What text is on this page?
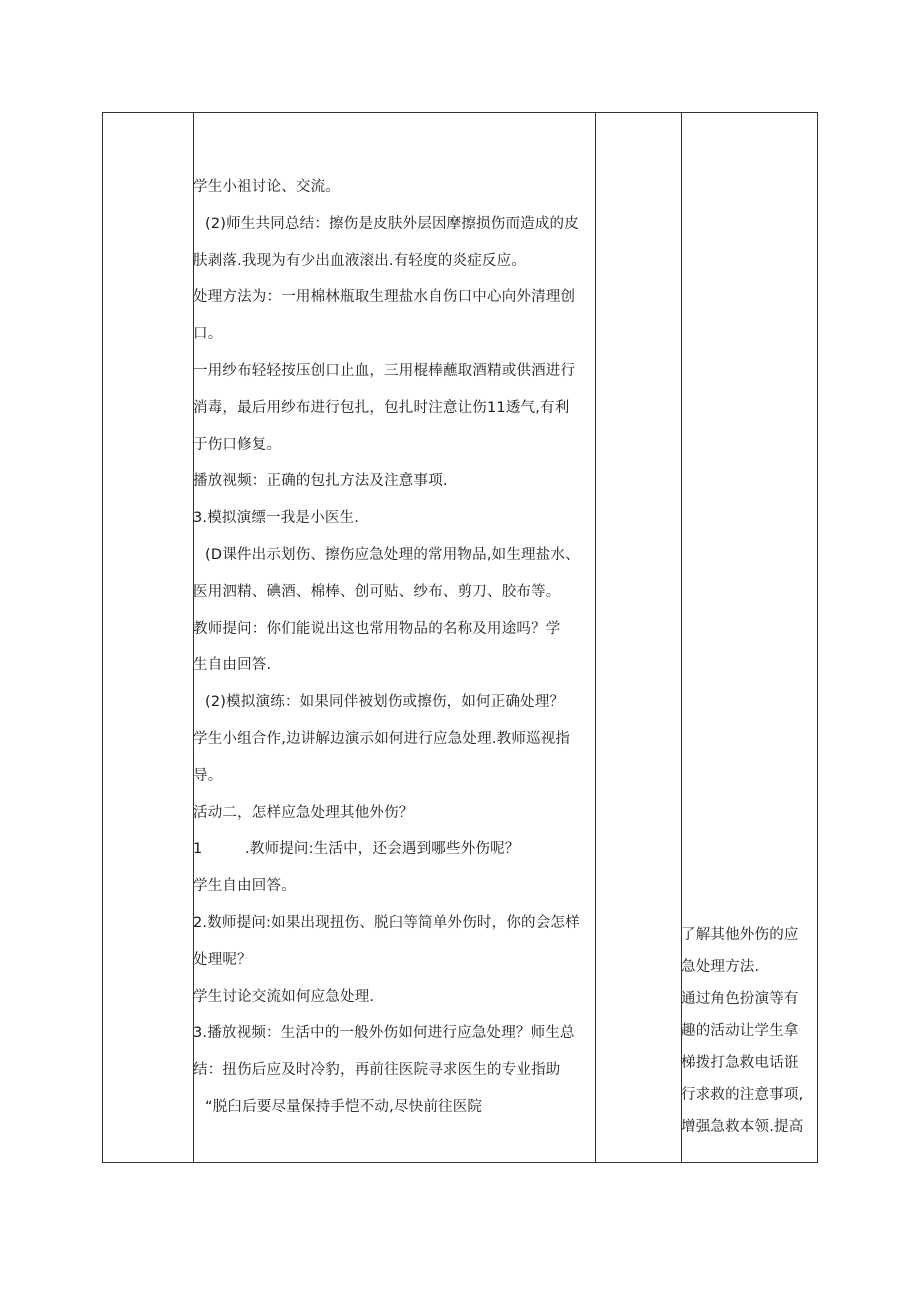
学生小祖讨论、交流。
(2)师生共同总结：擦伤是皮肤外层因摩擦损伤而造成的皮
肤剥落.我现为有少出血液滚出.有轻度的炎症反应。
处理方法为：一用棉林瓶取生理盐水自伤口中心向外清理创
口。
一用纱布轻轻按压创口止血，三用棍棒蘸取酒精或供酒进行
消毒，最后用纱布进行包扎，包扎时注意让伤11透气,有利
于伤口修复。
播放视频：正确的包扎方法及注意事项.
3.模拟演缥一我是小医生.
(D课件出示划伤、擦伤应急处理的常用物品,如生理盐水、
医用泗精、碘酒、棉棒、创可贴、纱布、剪刀、胶布等。
教师提问：你们能说出这也常用物品的名称及用途吗？学
生自由回答.
(2)模拟演练：如果同伴被划伤或擦伤，如何正确处理？
学生小组合作,边讲解边演示如何进行应急处理.教师巡视指
导。
活动二，怎样应急处理其他外伤？
1	.教师提问:生活中，还会遇到哪些外伤呢？
学生自由回答。
2.数师提问:如果出现扭伤、脱臼等简单外伤时，你的会怎样
处理呢？
学生讨论交流如何应急处理.
3.播放视频：生活中的一般外伤如何进行应急处理？师生总
结：扭伤后应及时冷豹，再前往医院寻求医生的专业指助
“脱臼后要尽量保持手恺不动,尽快前往医院
了解其他外伤的应
急处理方法.
通过角色扮演等有
趣的活动让学生拿
梯拨打急救电话诳
行求救的注意事项,
增强急救本领.提高
